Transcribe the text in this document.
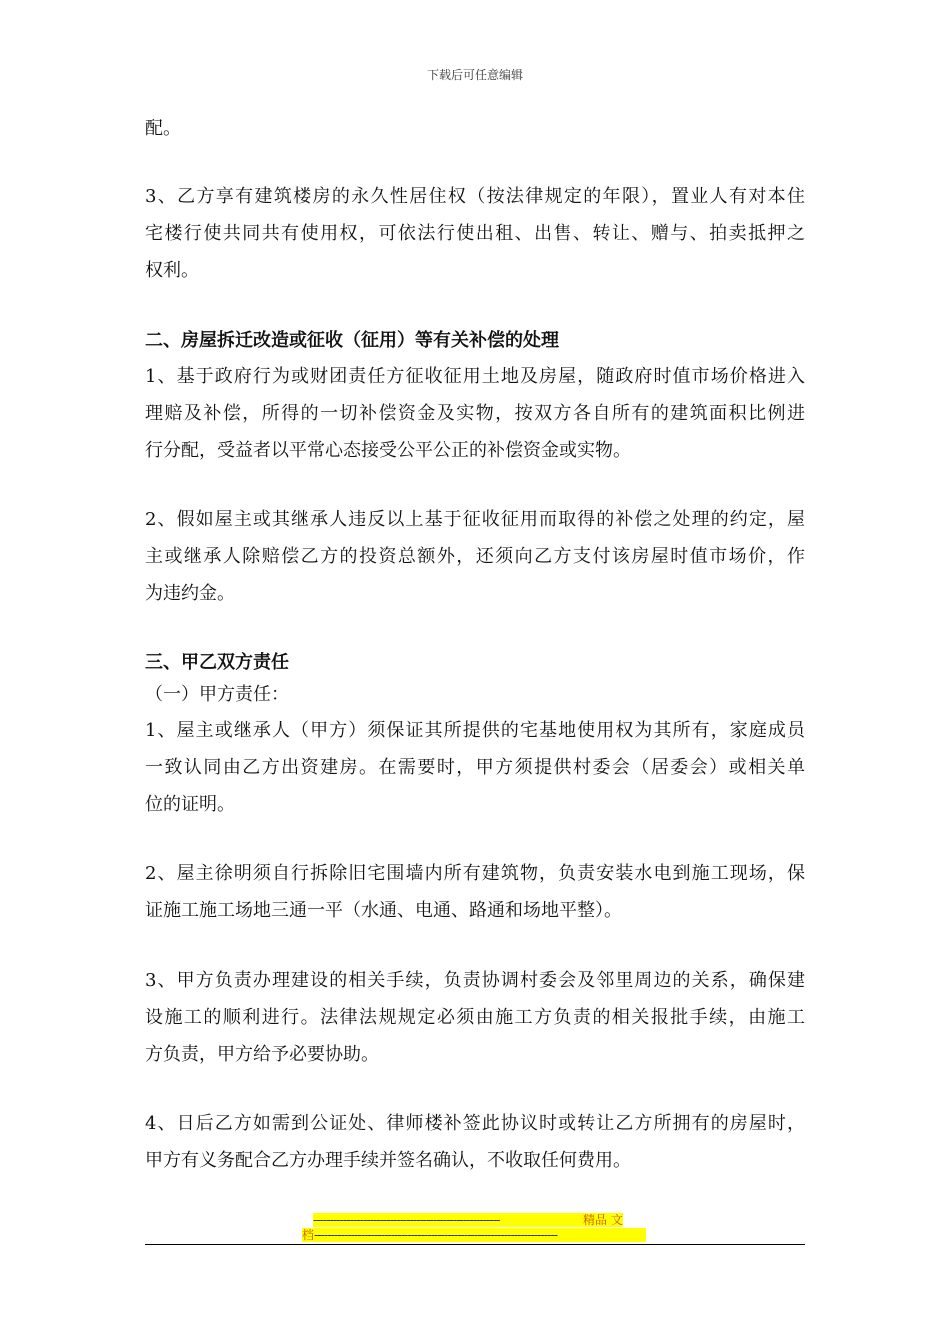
下载后可任意编辑
配。
3、乙方享有建筑楼房的永久性居住权（按法律规定的年限），置业人有对本住
宅楼行使共同共有使用权，可依法行使出租、出售、转让、赠与、拍卖抵押之
权利。
二、房屋拆迁改造或征收（征用）等有关补偿的处理
1、基于政府行为或财团责任方征收征用土地及房屋，随政府时值市场价格进入
理赔及补偿，所得的一切补偿资金及实物，按双方各自所有的建筑面积比例进
行分配，受益者以平常心态接受公平公正的补偿资金或实物。
2、假如屋主或其继承人违反以上基于征收征用而取得的补偿之处理的约定，屋
主或继承人除赔偿乙方的投资总额外，还须向乙方支付该房屋时值市场价，作
为违约金。
三、甲乙双方责任
（一）甲方责任：
1、屋主或继承人（甲方）须保证其所提供的宅基地使用权为其所有，家庭成员
一致认同由乙方出资建房。在需要时，甲方须提供村委会（居委会）或相关单
位的证明。
2、屋主徐明须自行拆除旧宅围墙内所有建筑物，负责安装水电到施工现场，保
证施工施工场地三通一平（水通、电通、路通和场地平整）。
3、甲方负责办理建设的相关手续，负责协调村委会及邻里周边的关系，确保建
设施工的顺利进行。法律法规规定必须由施工方负责的相关报批手续，由施工
方负责，甲方给予必要协助。
4、日后乙方如需到公证处、律师楼补签此协议时或转让乙方所拥有的房屋时，
甲方有义务配合乙方办理手续并签名确认，不收取任何费用。
--------------------------------------------------------	精品 文
档-------------------------------------------------------------------------
